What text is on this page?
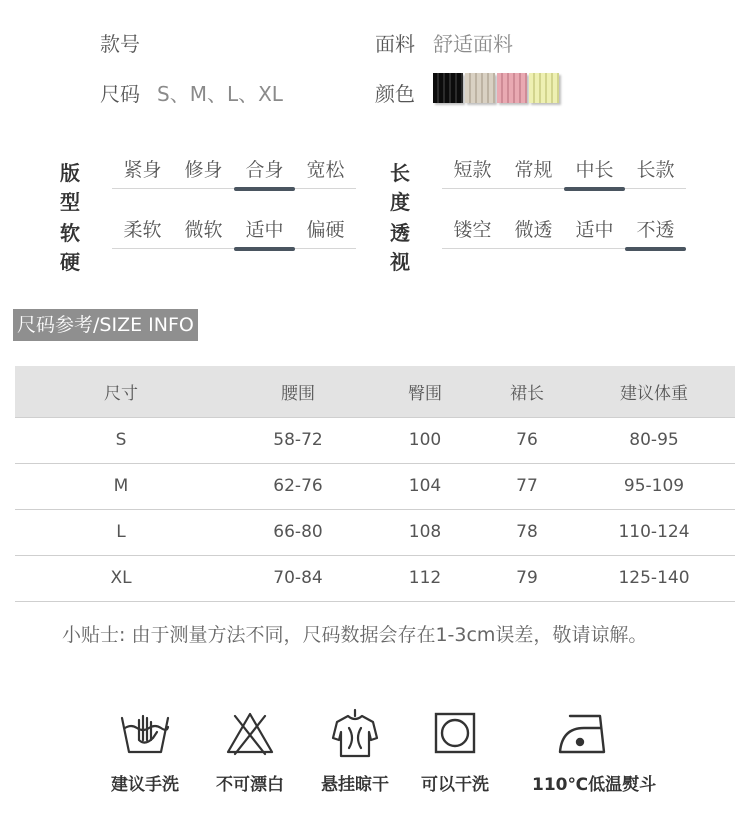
款号
尺码 S、M、L、XL
面料 舒适面料
颜色
版型
紧身	修身	合身	宽松	长度
短款	常规	中长	长款
软硬
柔软	微软	适中	偏硬	透视
镂空	微透	适中	不透
尺码参考/SIZE INFO
尺寸	腰围	臀围	裙长	建议体重
S	58-72	100	76	80-95
M	62-76	104	77	95-109
L	66-80	108	78	110-124
XL	70-84	112	79	125-140
小贴士: 由于测量方法不同，尺码数据会存在1-3cm误差，敬请谅解。
建议手洗	不可漂白	悬挂晾干	可以干洗	110℃低温熨斗
